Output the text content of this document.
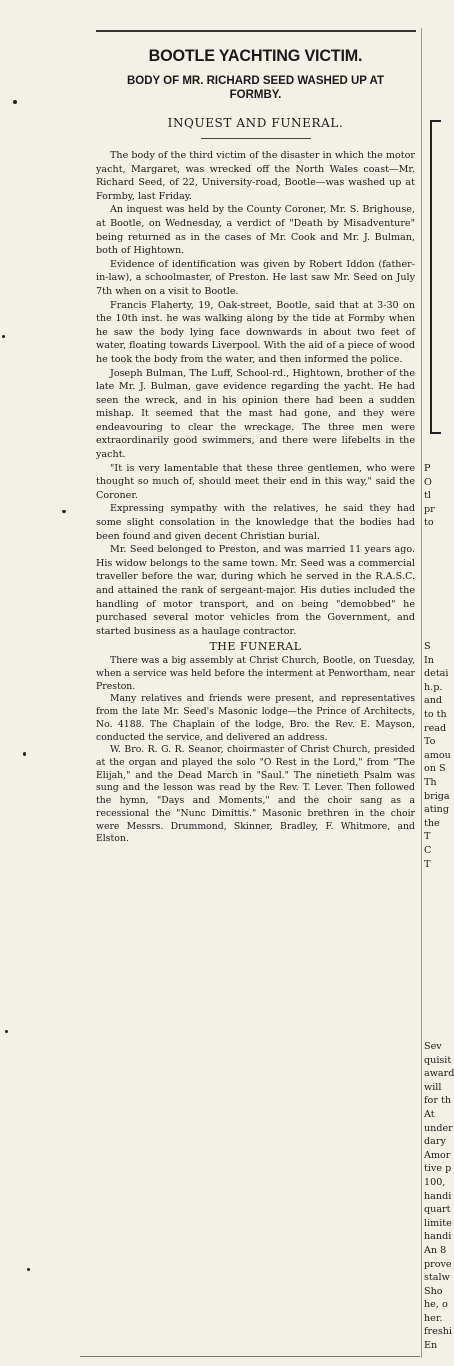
BOOTLE YACHTING VICTIM.
BODY OF MR. RICHARD SEED WASHED UP AT FORMBY.
INQUEST AND FUNERAL.

The body of the third victim of the disaster in which the motor yacht, Margaret, was wrecked off the North Wales coast—Mr. Richard Seed, of 22, University-road, Bootle—was washed up at Formby, last Friday.

An inquest was held by the County Coroner, Mr. S. Brighouse, at Bootle, on Wednesday, a verdict of "Death by Misadventure" being returned as in the cases of Mr. Cook and Mr. J. Bulman, both of Hightown.

Evidence of identification was given by Robert Iddon (father-in-law), a schoolmaster, of Preston. He last saw Mr. Seed on July 7th when on a visit to Bootle.

Francis Flaherty, 19, Oak-street, Bootle, said that at 3-30 on the 10th inst. he was walking along by the tide at Formby when he saw the body lying face downwards in about two feet of water, floating towards Liverpool. With the aid of a piece of wood he took the body from the water, and then informed the police.

Joseph Bulman, The Luff, School-rd., Hightown, brother of the late Mr. J. Bulman, gave evidence regarding the yacht. He had seen the wreck, and in his opinion there had been a sudden mishap. It seemed that the mast had gone, and they were endeavouring to clear the wreckage. The three men were extraordinarily good swimmers, and there were lifebelts in the yacht.

"It is very lamentable that these three gentlemen, who were thought so much of, should meet their end in this way," said the Coroner.

Expressing sympathy with the relatives, he said they had some slight consolation in the knowledge that the bodies had been found and given decent Christian burial.

Mr. Seed belonged to Preston, and was married 11 years ago. His widow belongs to the same town. Mr. Seed was a commercial traveller before the war, during which he served in the R.A.S.C. and attained the rank of sergeant-major. His duties included the handling of motor transport, and on being "demobbed" he purchased several motor vehicles from the Government, and started business as a haulage contractor.

THE FUNERAL

There was a big assembly at Christ Church, Bootle, on Tuesday, when a service was held before the interment at Penwortham, near Preston.

Many relatives and friends were present, and representatives from the late Mr. Seed's Masonic lodge—the Prince of Architects, No. 4188. The Chaplain of the lodge, Bro. the Rev. E. Mayson, conducted the service, and delivered an address.

W. Bro. R. G. R. Seanor, choirmaster of Christ Church, presided at the organ and played the solo "O Rest in the Lord," from "The Elijah," and the Dead March in "Saul." The ninetieth Psalm was sung and the lesson was read by the Rev. T. Lever. Then followed the hymn, "Days and Moments," and the choir sang as a recessional the "Nunc Dimittis." Masonic brethren in the choir were Messrs. Drummond, Skinner, Bradley, F. Whitmore, and Elston.

P
O
tl
pr
to
S
In
detai
h.p.
and
to th
read
To
amou
on S
Th
briga
ating
the
T
C
T
Sev
quisit
award
will
for th
At
under
dary
Amor
tive p
100,
handi
quart
limite
handi
An 8
prove
stalw
Sho
he, o
her.
freshi
En
